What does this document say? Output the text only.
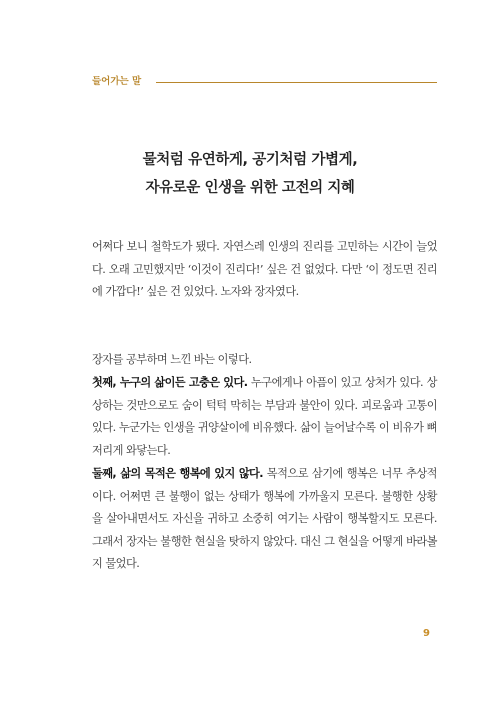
들어가는 말
물처럼 유연하게, 공기처럼 가볍게,
자유로운 인생을 위한 고전의 지혜

어쩌다 보니 철학도가 됐다. 자연스레 인생의 진리를 고민하는 시간이 늘었다. 오래 고민했지만 ‘이것이 진리다!’ 싶은 건 없었다. 다만 ‘이 정도면 진리에 가깝다!’ 싶은 건 있었다. 노자와 장자였다.

장자를 공부하며 느낀 바는 이렇다.

첫째, 누구의 삶이든 고충은 있다. 누구에게나 아픔이 있고 상처가 있다. 상상하는 것만으로도 숨이 턱턱 막히는 부담과 불안이 있다. 괴로움과 고통이 있다. 누군가는 인생을 귀양살이에 비유했다. 삶이 늘어날수록 이 비유가 뼈저리게 와닿는다.

둘째, 삶의 목적은 행복에 있지 않다. 목적으로 삼기에 행복은 너무 추상적이다. 어쩌면 큰 불행이 없는 상태가 행복에 가까울지 모른다. 불행한 상황을 살아내면서도 자신을 귀하고 소중히 여기는 사람이 행복할지도 모른다. 그래서 장자는 불행한 현실을 탓하지 않았다. 대신 그 현실을 어떻게 바라볼지 물었다.

9
